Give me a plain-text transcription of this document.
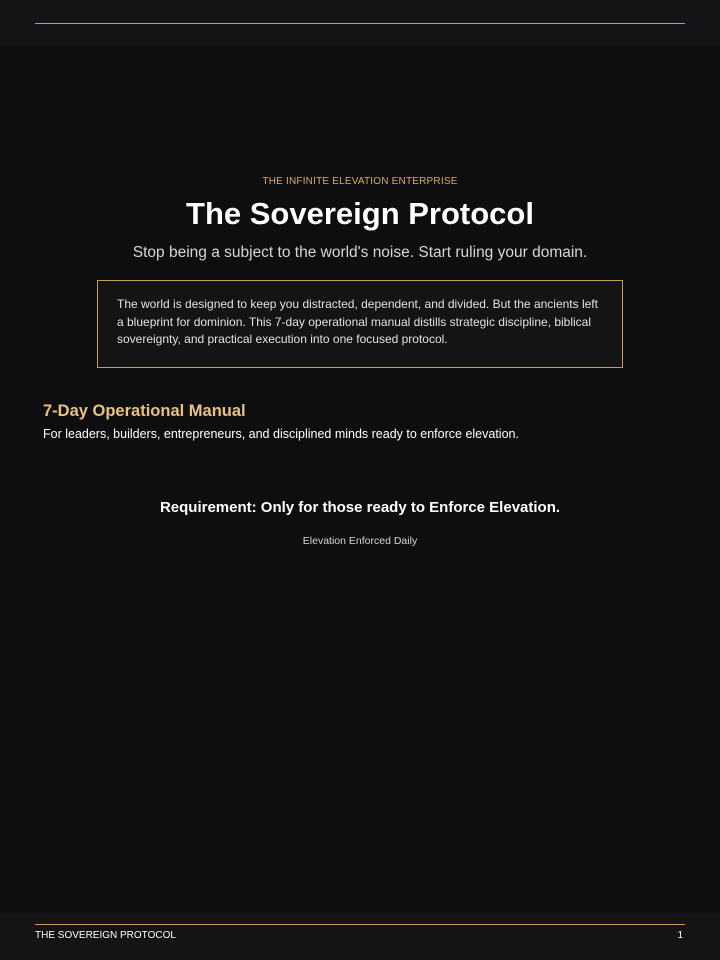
THE INFINITE ELEVATION ENTERPRISE
The Sovereign Protocol
Stop being a subject to the world's noise. Start ruling your domain.

The world is designed to keep you distracted, dependent, and divided. But the ancients left a blueprint for dominion. This 7-day operational manual distills strategic discipline, biblical sovereignty, and practical execution into one focused protocol.

7-Day Operational Manual

For leaders, builders, entrepreneurs, and disciplined minds ready to enforce elevation.

Requirement: Only for those ready to Enforce Elevation.
Elevation Enforced Daily
THE SOVEREIGN PROTOCOL	1
